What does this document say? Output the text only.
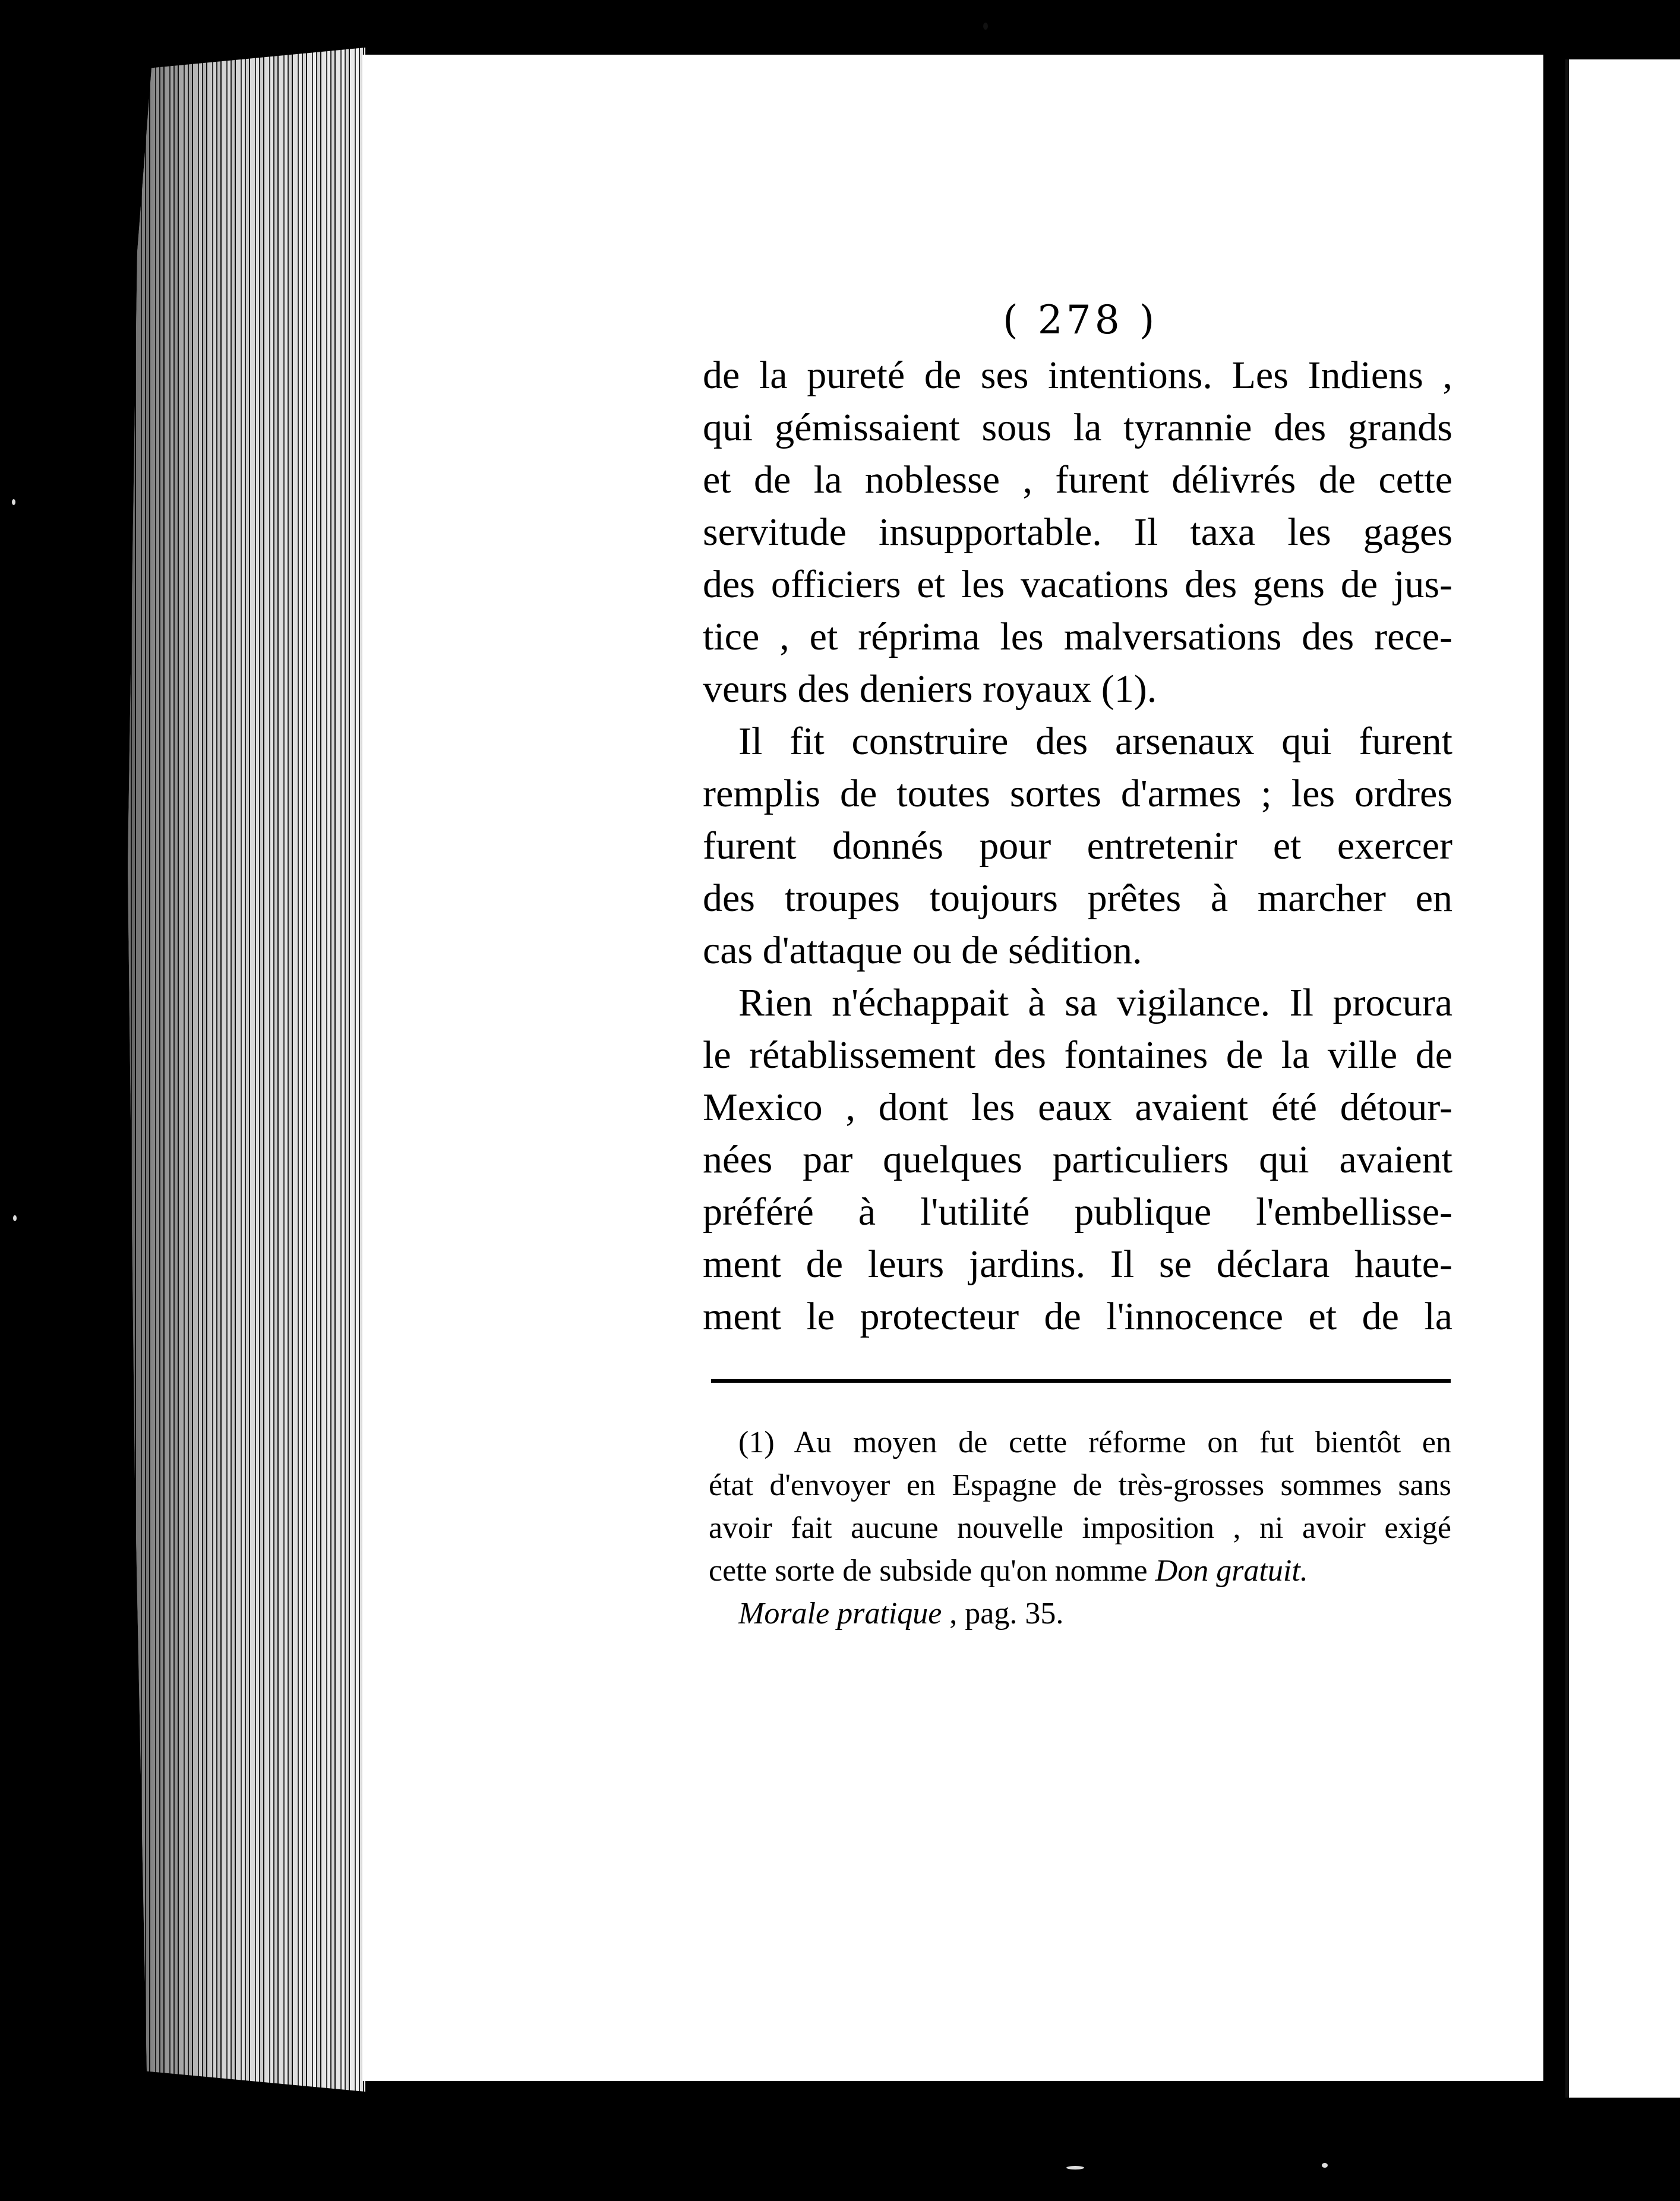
( 278 )
de la pureté de ses intentions. Les Indiens ,
qui gémissaient sous la tyrannie des grands
et de la noblesse , furent délivrés de cette
servitude insupportable. Il taxa les gages
des officiers et les vacations des gens de jus-
tice , et réprima les malversations des rece-
veurs des deniers royaux (1).
Il fit construire des arsenaux qui furent
remplis de toutes sortes d'armes ; les ordres
furent donnés pour entretenir et exercer
des troupes toujours prêtes à marcher en
cas d'attaque ou de sédition.
Rien n'échappait à sa vigilance. Il procura
le rétablissement des fontaines de la ville de
Mexico , dont les eaux avaient été détour-
nées par quelques particuliers qui avaient
préféré à l'utilité publique l'embellisse-
ment de leurs jardins. Il se déclara haute-
ment le protecteur de l'innocence et de la
(1) Au moyen de cette réforme on fut bientôt en
état d'envoyer en Espagne de très-grosses sommes sans
avoir fait aucune nouvelle imposition , ni avoir exigé
cette sorte de subside qu'on nomme Don gratuit.
Morale pratique , pag. 35.
